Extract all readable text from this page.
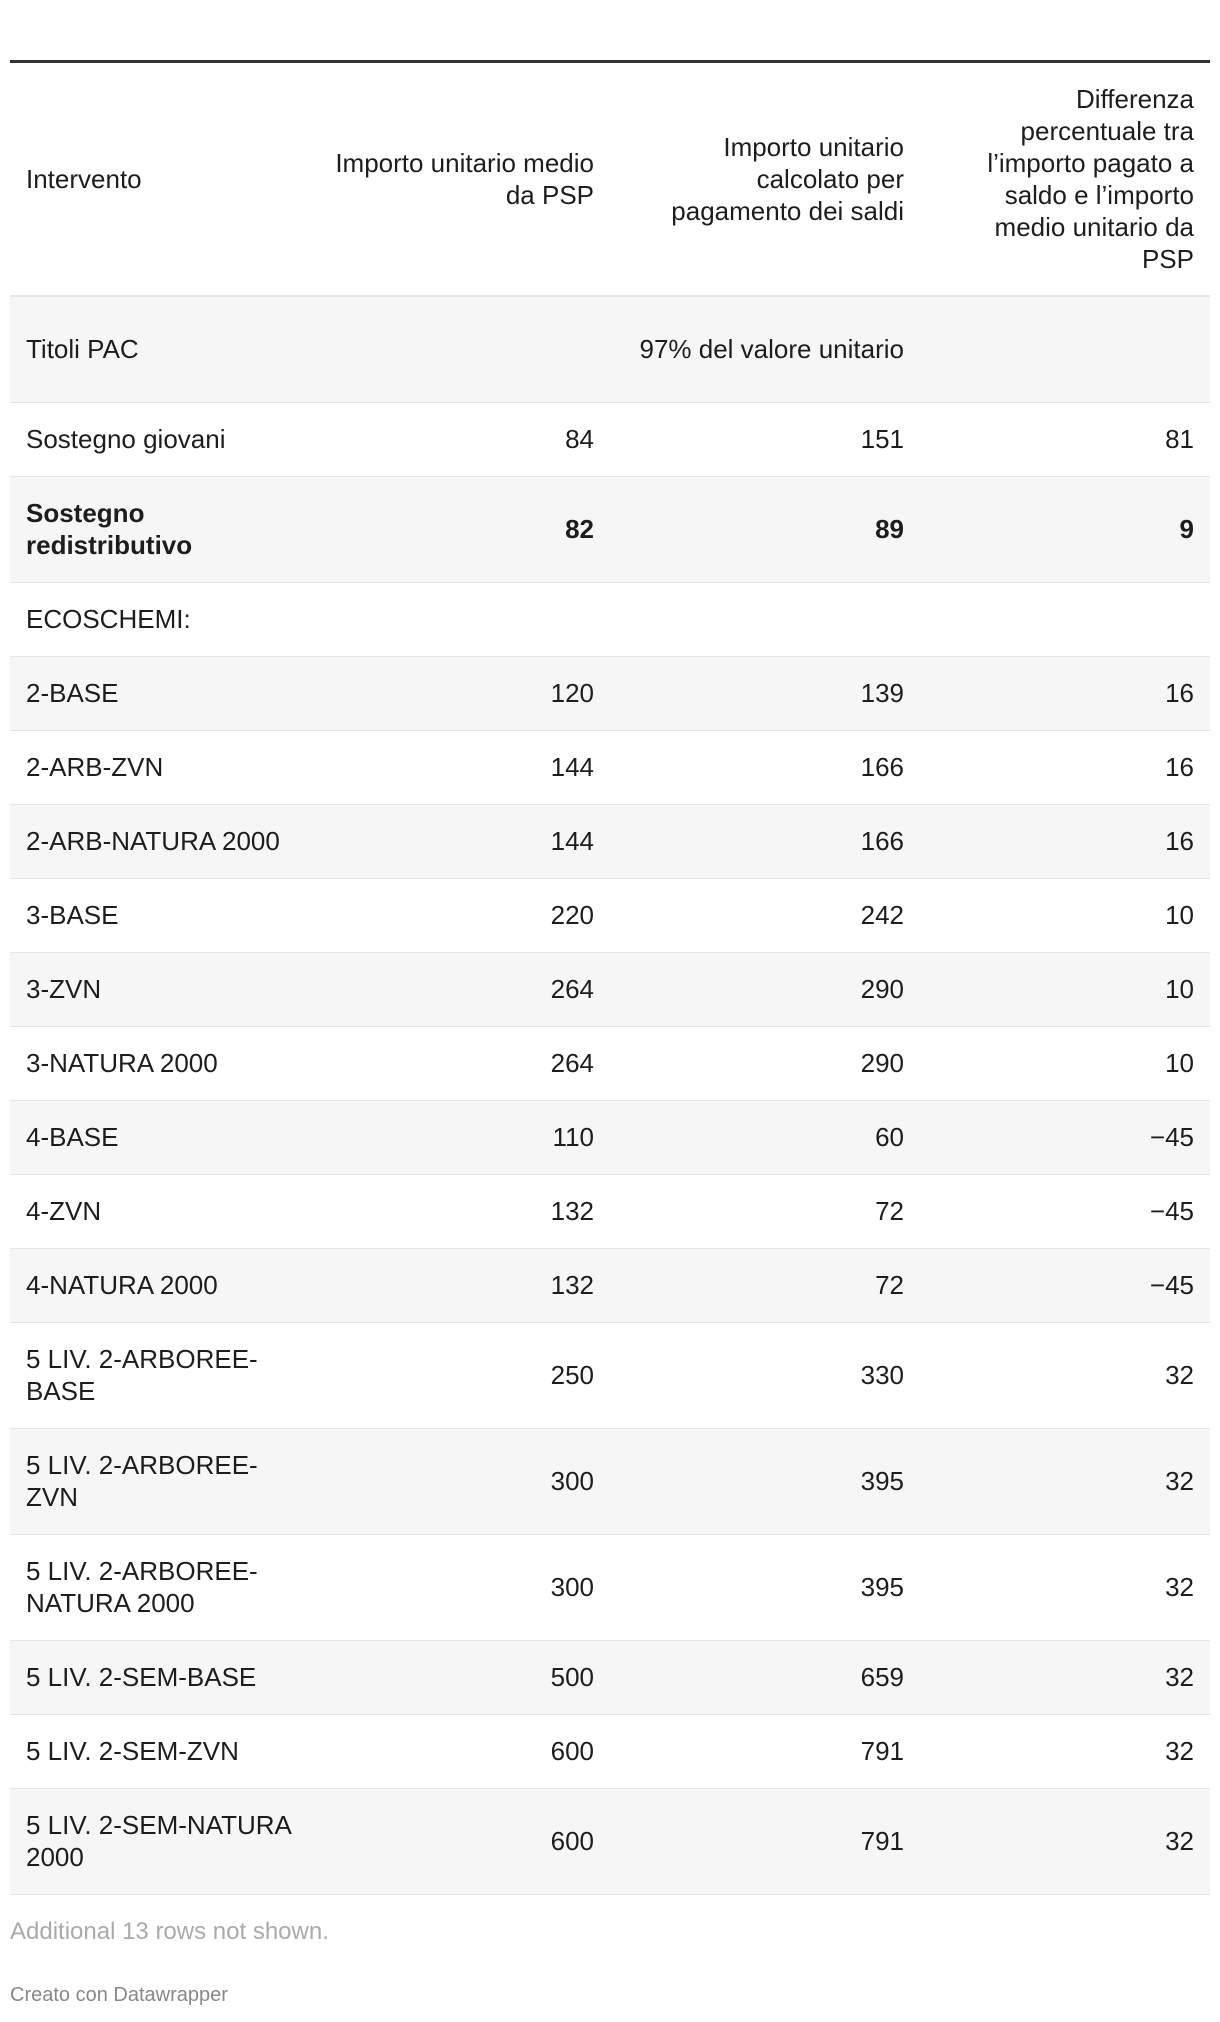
Intervento	Importo unitario medio da PSP	Importo unitario calcolato per pagamento dei saldi	Differenza percentuale tra l’importo pagato a saldo e l’importo medio unitario da PSP
Titoli PAC		97% del valore unitario	
Sostegno giovani	84	151	81
Sostegno redistributivo	82	89	9
ECOSCHEMI:			
2-BASE	120	139	16
2-ARB-ZVN	144	166	16
2-ARB-NATURA 2000	144	166	16
3-BASE	220	242	10
3-ZVN	264	290	10
3-NATURA 2000	264	290	10
4-BASE	110	60	−45
4-ZVN	132	72	−45
4-NATURA 2000	132	72	−45
5 LIV. 2-ARBOREE-BASE	250	330	32
5 LIV. 2-ARBOREE-ZVN	300	395	32
5 LIV. 2-ARBOREE-NATURA 2000	300	395	32
5 LIV. 2-SEM-BASE	500	659	32
5 LIV. 2-SEM-ZVN	600	791	32
5 LIV. 2-SEM-NATURA 2000	600	791	32
Additional 13 rows not shown.
Creato con Datawrapper
